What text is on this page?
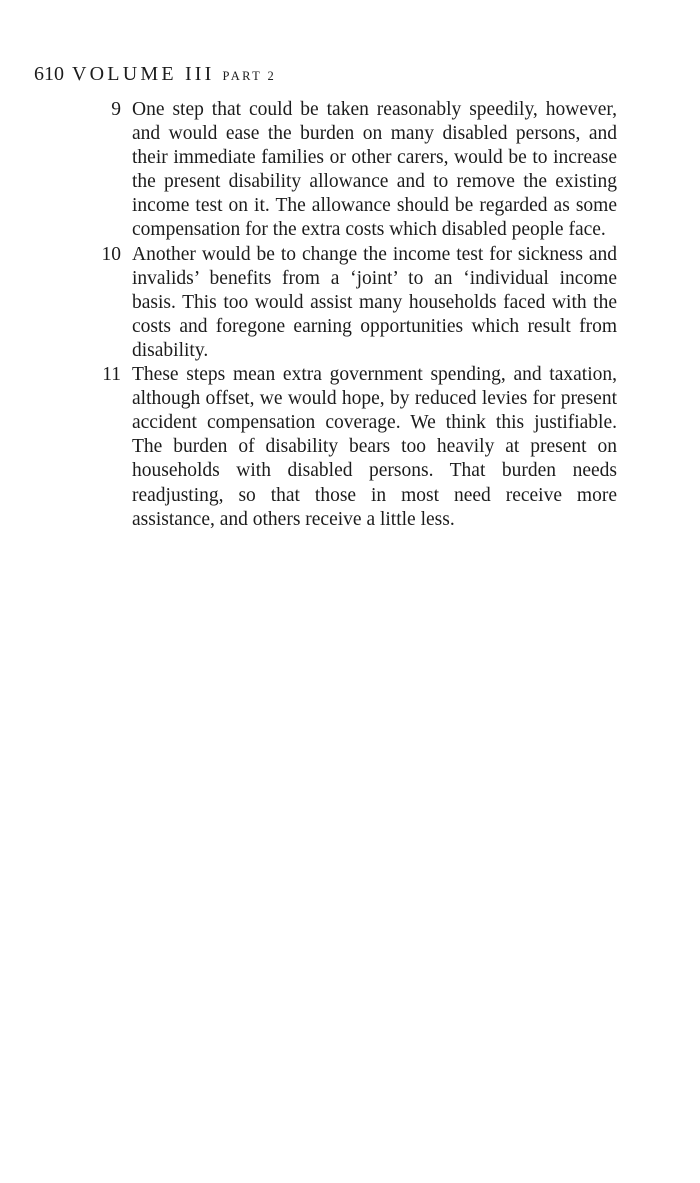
610 VOLUME III PART 2
9 One step that could be taken reasonably speedily, however, and would ease the burden on many disabled persons, and their immediate families or other carers, would be to increase the present disability allowance and to remove the existing income test on it. The allowance should be regarded as some compensation for the extra costs which disabled people face.
10 Another would be to change the income test for sickness and invalids’ benefits from a ‘joint’ to an ‘individual income basis. This too would assist many households faced with the costs and foregone earning opportunities which result from disability.
11 These steps mean extra government spending, and taxation, although offset, we would hope, by reduced levies for present accident compensation coverage. We think this justifiable. The burden of disability bears too heavily at present on households with disabled persons. That burden needs readjusting, so that those in most need receive more assistance, and others receive a little less.
